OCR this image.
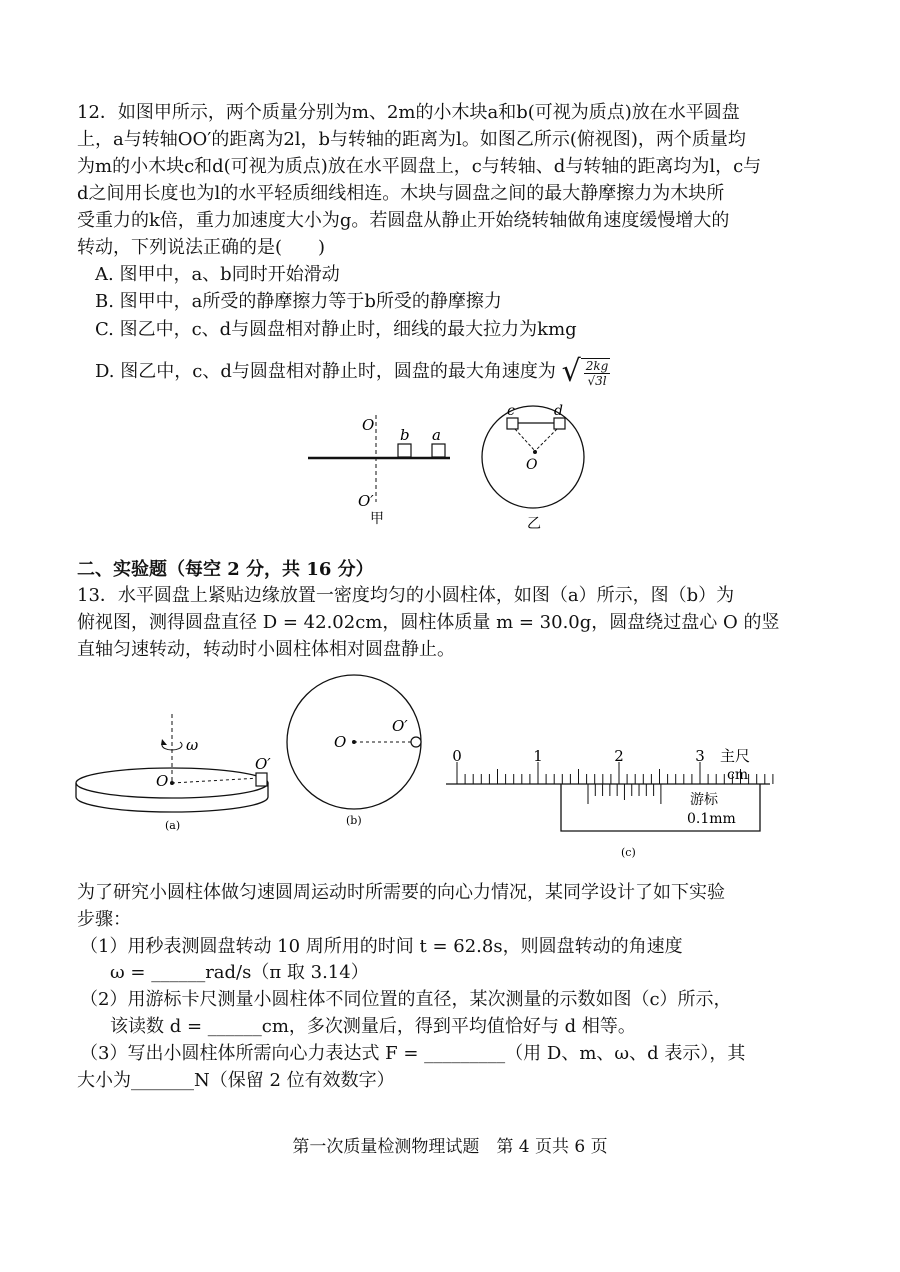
12．如图甲所示，两个质量分别为m、2m的小木块a和b(可视为质点)放在水平圆盘
上，a与转轴OO′的距离为2l，b与转轴的距离为l。如图乙所示(俯视图)，两个质量均
为m的小木块c和d(可视为质点)放在水平圆盘上，c与转轴、d与转轴的距离均为l，c与
d之间用长度也为l的水平轻质细线相连。木块与圆盘之间的最大静摩擦力为木块所
受重力的k倍，重力加速度大小为g。若圆盘从静止开始绕转轴做角速度缓慢增大的
转动，下列说法正确的是(　　)
A. 图甲中，a、b同时开始滑动
B. 图甲中，a所受的静摩擦力等于b所受的静摩擦力
C. 图乙中，c、d与圆盘相对静止时，细线的最大拉力为kmg
D. 图乙中，c、d与圆盘相对静止时，圆盘的最大角速度为 √ $\frac{2kg}{√3l}$
O
b a
O′
甲
c	d
O
乙
二、实验题（每空 2 分，共 16 分）
13．水平圆盘上紧贴边缘放置一密度均匀的小圆柱体，如图（a）所示，图（b）为
俯视图，测得圆盘直径 D = 42.02cm，圆柱体质量 m = 30.0g，圆盘绕过盘心 O 的竖
直轴匀速转动，转动时小圆柱体相对圆盘静止。
ω
O
O′
(a)
O
O′
(b)
0	1	2	3 主尺
cm
游标
0.1mm
(c)
为了研究小圆柱体做匀速圆周运动时所需要的向心力情况，某同学设计了如下实验
步骤：
（1）用秒表测圆盘转动 10 周所用的时间 t = 62.8s，则圆盘转动的角速度
ω = ______rad/s（π 取 3.14）
（2）用游标卡尺测量小圆柱体不同位置的直径，某次测量的示数如图（c）所示，
该读数 d = ______cm，多次测量后，得到平均值恰好与 d 相等。
（3）写出小圆柱体所需向心力表达式 F = _________（用 D、m、ω、d 表示），其
大小为_______N（保留 2 位有效数字）
第一次质量检测物理试题　第 4 页共 6 页
